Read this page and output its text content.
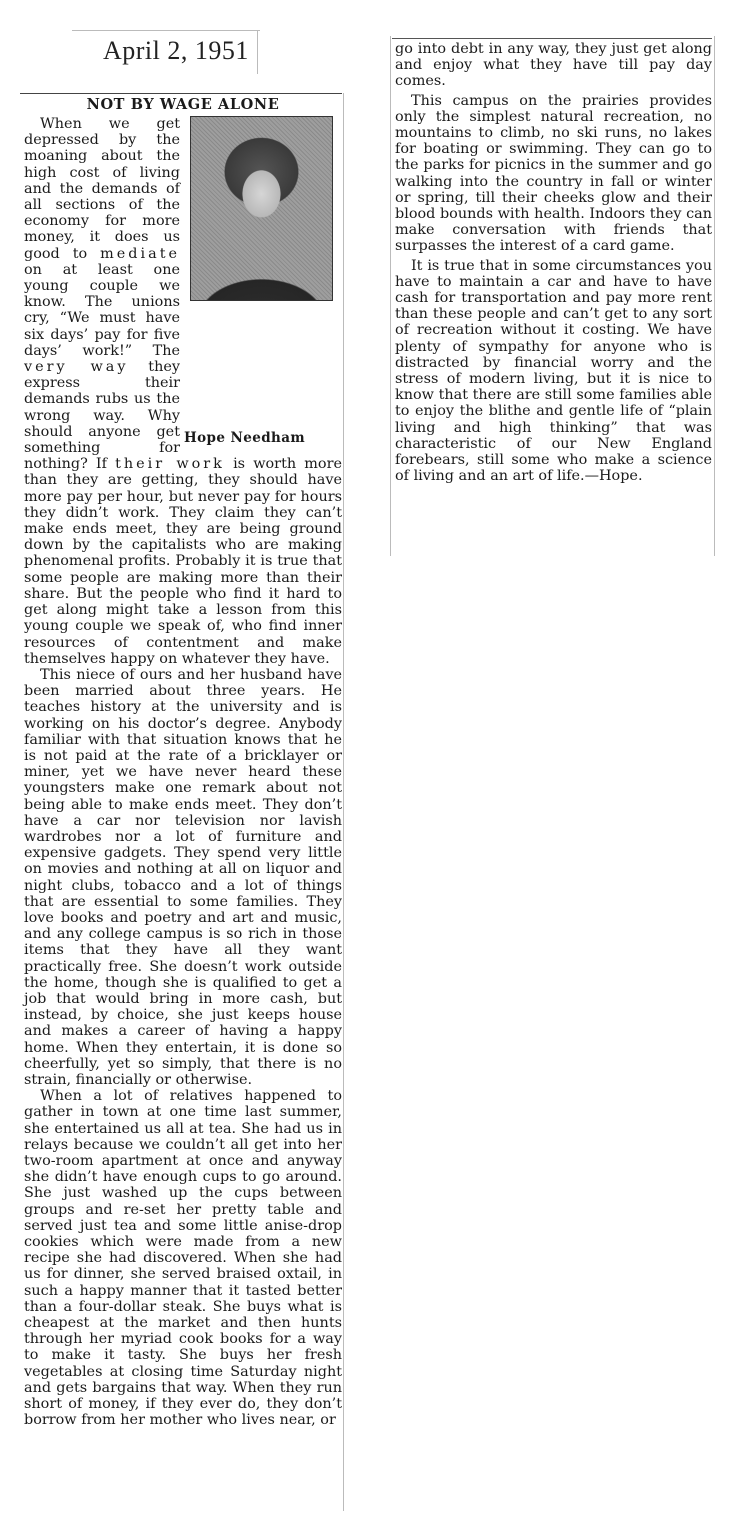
April 2, 1951
NOT BY WAGE ALONE
Hope Needham

When we get depressed by the moaning about the high cost of living and the demands of all sections of the economy for more money, it does us good to mediate on at least one young couple we know. The unions cry, “We must have six days’ pay for five days’ work!” The very way they express their demands rubs us the wrong way. Why should anyone get something for nothing? If their work is worth more than they are getting, they should have more pay per hour, but never pay for hours they didn’t work. They claim they can’t make ends meet, they are being ground down by the capitalists who are making phenomenal profits. Probably it is true that some people are making more than their share. But the people who find it hard to get along might take a lesson from this young couple we speak of, who find inner resources of contentment and make themselves happy on whatever they have.

This niece of ours and her husband have been married about three years. He teaches history at the university and is working on his doctor’s degree. Anybody familiar with that situation knows that he is not paid at the rate of a bricklayer or miner, yet we have never heard these youngsters make one remark about not being able to make ends meet. They don’t have a car nor television nor lavish wardrobes nor a lot of furniture and expensive gadgets. They spend very little on movies and nothing at all on liquor and night clubs, tobacco and a lot of things that are essential to some families. They love books and poetry and art and music, and any college campus is so rich in those items that they have all they want practically free. She doesn’t work outside the home, though she is qualified to get a job that would bring in more cash, but instead, by choice, she just keeps house and makes a career of having a happy home. When they entertain, it is done so cheerfully, yet so simply, that there is no strain, financially or otherwise.

When a lot of relatives happened to gather in town at one time last summer, she entertained us all at tea. She had us in relays because we couldn’t all get into her two-room apartment at once and anyway she didn’t have enough cups to go around. She just washed up the cups between groups and re-set her pretty table and served just tea and some little anise-drop cookies which were made from a new recipe she had discovered. When she had us for dinner, she served braised oxtail, in such a happy manner that it tasted better than a four-dollar steak. She buys what is cheapest at the market and then hunts through her myriad cook books for a way to make it tasty. She buys her fresh vegetables at closing time Saturday night and gets bargains that way. When they run short of money, if they ever do, they don’t borrow from her mother who lives near, or

go into debt in any way, they just get along and enjoy what they have till pay day comes.

This campus on the prairies provides only the simplest natural recreation, no mountains to climb, no ski runs, no lakes for boating or swimming. They can go to the parks for picnics in the summer and go walking into the country in fall or winter or spring, till their cheeks glow and their blood bounds with health. Indoors they can make conversation with friends that surpasses the interest of a card game.

It is true that in some circumstances you have to maintain a car and have to have cash for transportation and pay more rent than these people and can’t get to any sort of recreation without it costing. We have plenty of sympathy for anyone who is distracted by financial worry and the stress of modern living, but it is nice to know that there are still some families able to enjoy the blithe and gentle life of “plain living and high thinking” that was characteristic of our New England forebears, still some who make a science of living and an art of life.—Hope.
